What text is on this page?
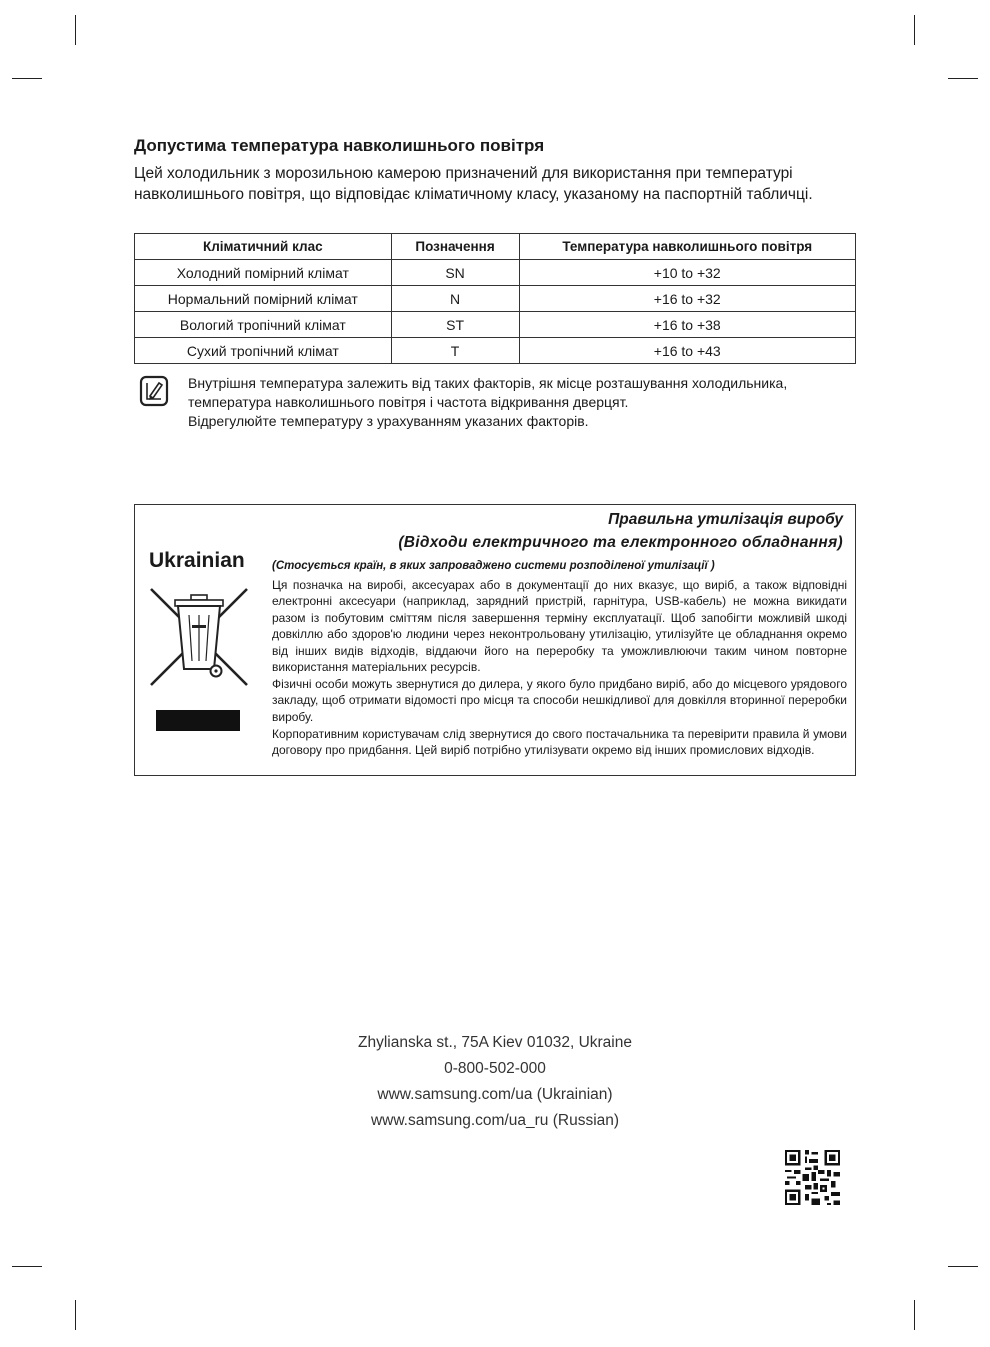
Допустима температура навколишнього повітря

Цей холодильник з морозильною камерою призначений для використання при температурі навколишнього повітря, що відповідає кліматичному класу, указаному на паспортній табличці.

Кліматичний клас	Позначення	Температура навколишнього повітря
Холодний помірний клімат	SN	+10 to +32
Нормальний помірний клімат	N	+16 to +32
Вологий тропічний клімат	ST	+16 to +38
Сухий тропічний клімат	T	+16 to +43
Внутрішня температура залежить від таких факторів, як місце розташування холодильника, температура навколишнього повітря і частота відкривання дверцят.
Відрегулюйте температуру з урахуванням указаних факторів.
Ukrainian
Правильна утилізація виробу
(Відходи електричного та електронного обладнання)
(Стосується країн, в яких запроваджено системи розподіленої утилізації )

Ця позначка на виробі, аксесуарах або в документації до них вказує, що виріб, а також відповідні електронні аксесуари (наприклад, зарядний пристрій, гарнітура, USB-кабель) не можна викидати разом із побутовим сміттям після завершення терміну експлуатації. Щоб запобігти можливій шкоді довкіллю або здоров'ю людини через неконтрольовану утилізацію, утилізуйте це обладнання окремо від інших видів відходів, віддаючи його на переробку та уможливлюючи таким чином повторне використання матеріальних ресурсів.

Фізичні особи можуть звернутися до дилера, у якого було придбано виріб, або до місцевого урядового закладу, щоб отримати відомості про місця та способи нешкідливої для довкілля вторинної переробки виробу.

Корпоративним користувачам слід звернутися до свого постачальника та перевірити правила й умови договору про придбання. Цей виріб потрібно утилізувати окремо від інших промислових відходів.

Zhylianska st., 75A Kiev 01032, Ukraine
0-800-502-000
www.samsung.com/ua (Ukrainian)
www.samsung.com/ua_ru (Russian)
